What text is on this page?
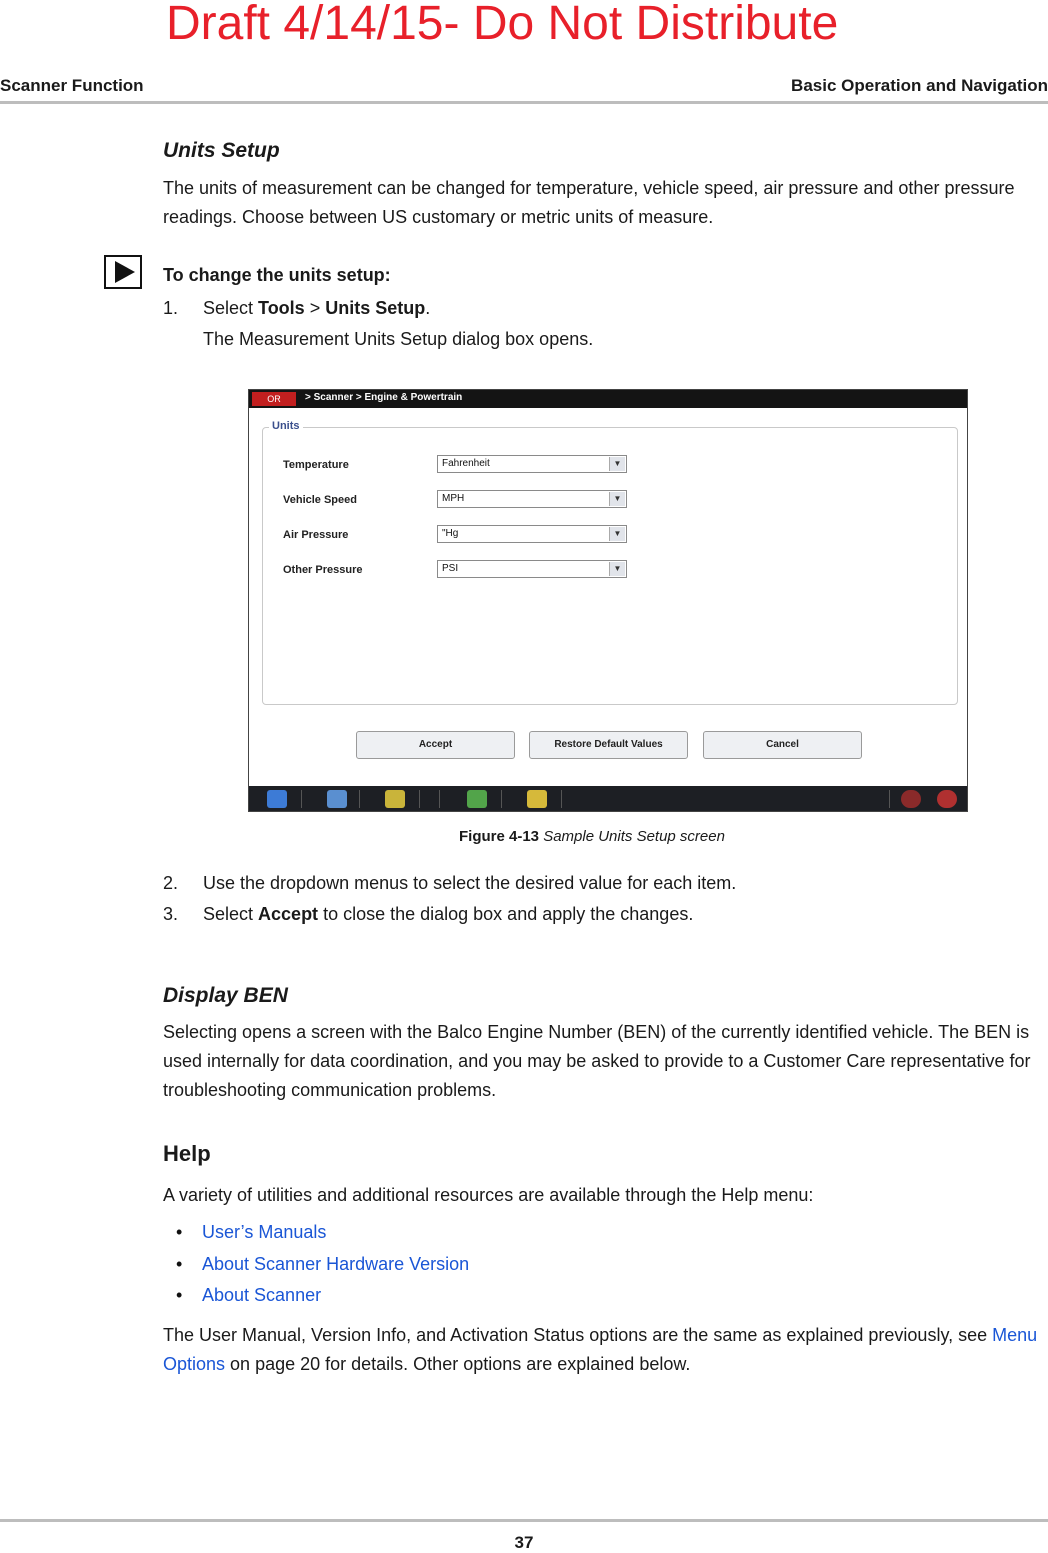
Draft 4/14/15- Do Not Distribute
Scanner Function	Basic Operation and Navigation
Units Setup
The units of measurement can be changed for temperature, vehicle speed, air pressure and other pressure readings. Choose between US customary or metric units of measure.
To change the units setup:
1. Select Tools > Units Setup.
The Measurement Units Setup dialog box opens.
OR	> Scanner > Engine & Powertrain
Units
Temperature	Fahrenheit	▼
Vehicle Speed	MPH	▼
Air Pressure	"Hg	▼
Other Pressure	PSI	▼
Accept	Restore Default Values	Cancel
Figure 4-13 Sample Units Setup screen
2. Use the dropdown menus to select the desired value for each item.
3. Select Accept to close the dialog box and apply the changes.
Display BEN
Selecting opens a screen with the Balco Engine Number (BEN) of the currently identified vehicle. The BEN is used internally for data coordination, and you may be asked to provide to a Customer Care representative for troubleshooting communication problems.
Help
A variety of utilities and additional resources are available through the Help menu:
• User’s Manuals
• About Scanner Hardware Version
• About Scanner
The User Manual, Version Info, and Activation Status options are the same as explained previously, see Menu Options on page 20 for details. Other options are explained below.
37
